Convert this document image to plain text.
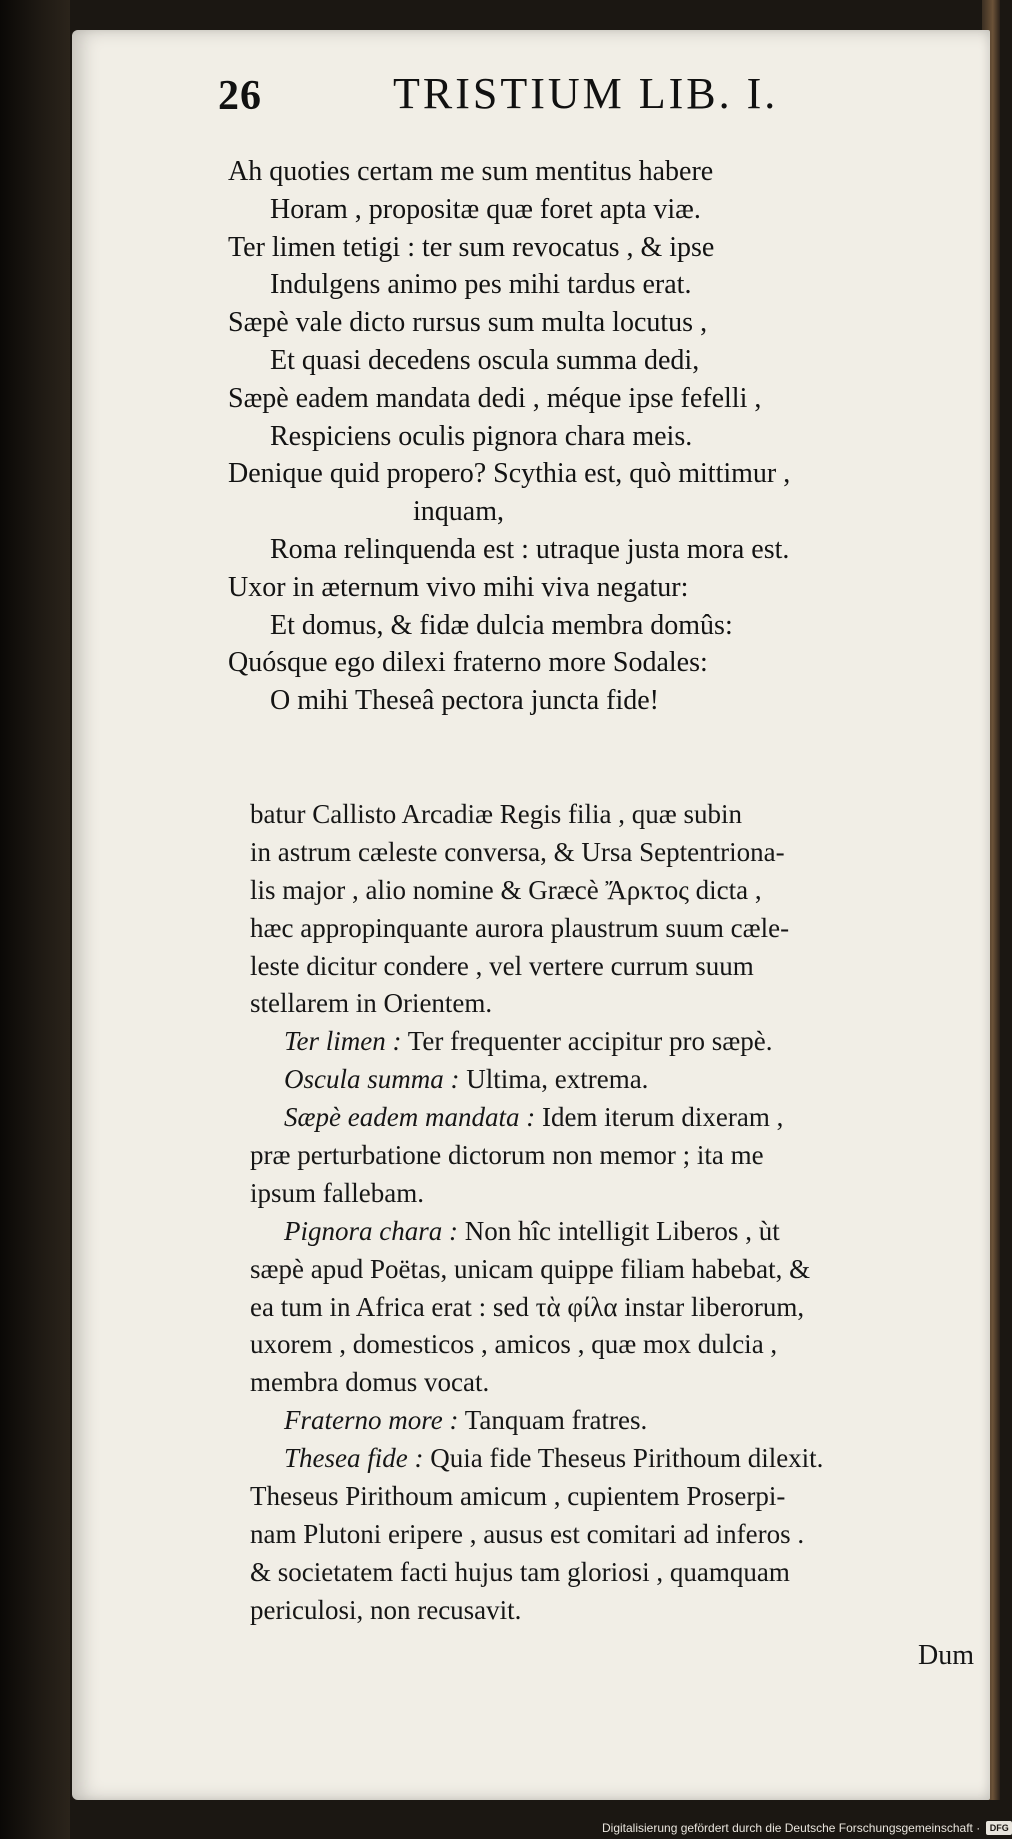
26	TRISTIUM LIB. I.
Ah quoties certam me sum mentitus habere
Horam , propositæ quæ foret apta viæ.
Ter limen tetigi : ter sum revocatus , & ipse
Indulgens animo pes mihi tardus erat.
Sæpè vale dicto rursus sum multa locutus ,
Et quasi decedens oscula summa dedi,
Sæpè eadem mandata dedi , méque ipse fefelli ,
Respiciens oculis pignora chara meis.
Denique quid propero? Scythia est, quò mittimur ,
inquam,
Roma relinquenda est : utraque justa mora est.
Uxor in æternum vivo mihi viva negatur:
Et domus, & fidæ dulcia membra domûs:
Quósque ego dilexi fraterno more Sodales:
O mihi Theseâ pectora juncta fide!
batur Callisto Arcadiæ Regis filia , quæ subin
in astrum cæleste conversa, & Ursa Septentriona-
lis major , alio nomine & Græcè Ἄρκτος dicta ,
hæc appropinquante aurora plaustrum suum cæle-
leste dicitur condere , vel vertere currum suum
stellarem in Orientem.
Ter limen : Ter frequenter accipitur pro sæpè.
Oscula summa : Ultima, extrema.
Sæpè eadem mandata : Idem iterum dixeram ,
præ perturbatione dictorum non memor ; ita me
ipsum fallebam.
Pignora chara : Non hîc intelligit Liberos , ùt
sæpè apud Poëtas, unicam quippe filiam habebat, &
ea tum in Africa erat : sed τὰ φίλα instar liberorum,
uxorem , domesticos , amicos , quæ mox dulcia ,
membra domus vocat.
Fraterno more : Tanquam fratres.
Thesea fide : Quia fide Theseus Pirithoum dilexit.
Theseus Pirithoum amicum , cupientem Proserpi-
nam Plutoni eripere , ausus est comitari ad inferos .
& societatem facti hujus tam gloriosi , quamquam
periculosi, non recusavit.
Dum
Digitalisierung gefördert durch die Deutsche Forschungsgemeinschaft ·	DFG
